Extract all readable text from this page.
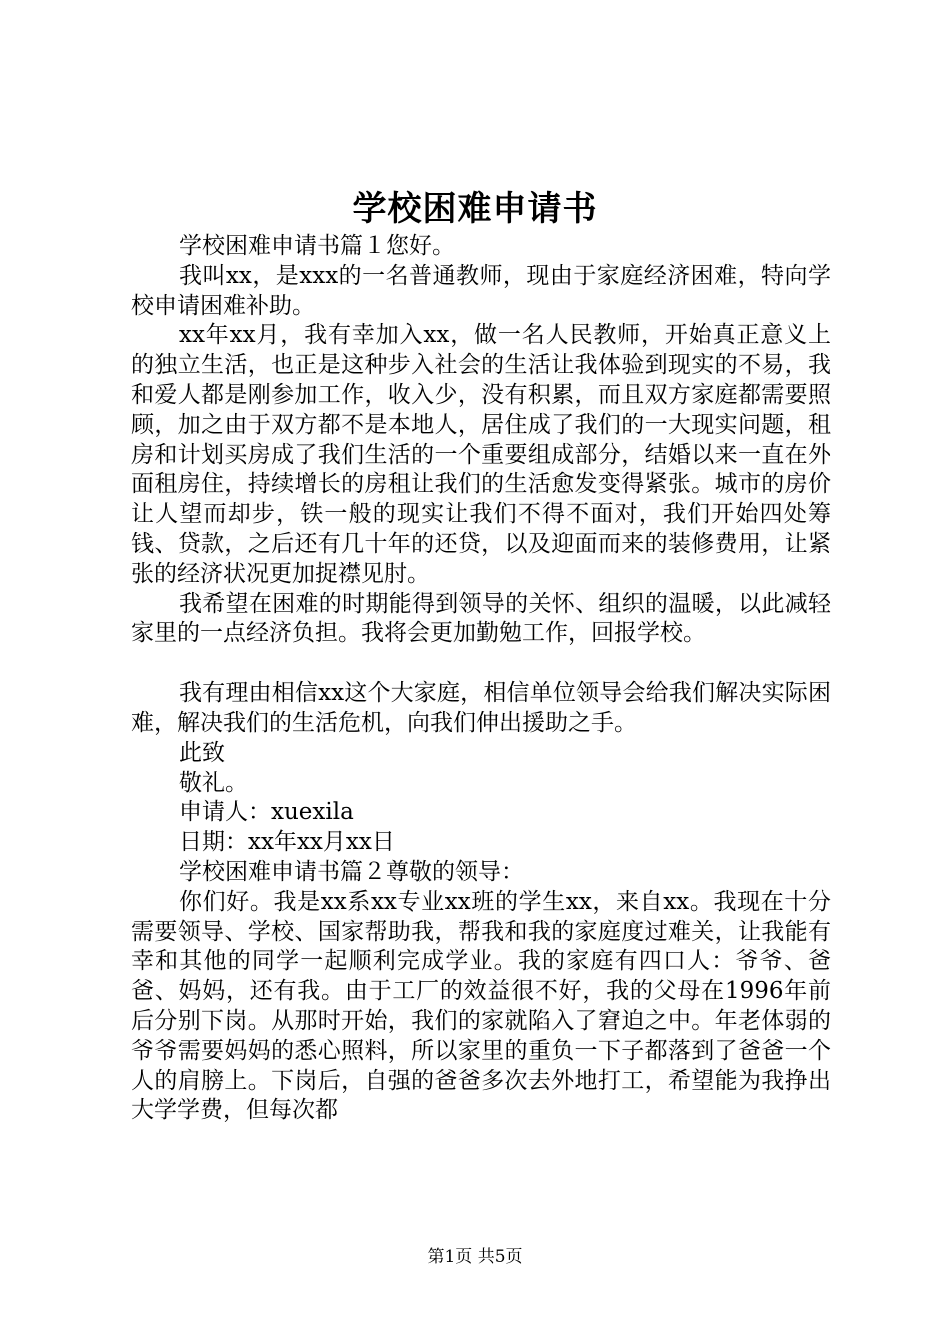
学校困难申请书

学校困难申请书篇１您好。

我叫xx，是xxx的一名普通教师，现由于家庭经济困难，特向学校申请困难补助。

xx年xx月，我有幸加入xx，做一名人民教师，开始真正意义上的独立生活，也正是这种步入社会的生活让我体验到现实的不易，我和爱人都是刚参加工作，收入少，没有积累，而且双方家庭都需要照顾，加之由于双方都不是本地人，居住成了我们的一大现实问题，租房和计划买房成了我们生活的一个重要组成部分，结婚以来一直在外面租房住，持续增长的房租让我们的生活愈发变得紧张。城市的房价让人望而却步，铁一般的现实让我们不得不面对，我们开始四处筹钱、贷款，之后还有几十年的还贷，以及迎面而来的装修费用，让紧张的经济状况更加捉襟见肘。

我希望在困难的时期能得到领导的关怀、组织的温暖，以此减轻家里的一点经济负担。我将会更加勤勉工作，回报学校。

我有理由相信xx这个大家庭，相信单位领导会给我们解决实际困难，解决我们的生活危机，向我们伸出援助之手。

此致

敬礼。

申请人：xuexila

日期：xx年xx月xx日

学校困难申请书篇２尊敬的领导：

你们好。我是xx系xx专业xx班的学生xx，来自xx。我现在十分需要领导、学校、国家帮助我，帮我和我的家庭度过难关，让我能有幸和其他的同学一起顺利完成学业。我的家庭有四口人：爷爷、爸爸、妈妈，还有我。由于工厂的效益很不好，我的父母在1996年前后分别下岗。从那时开始，我们的家就陷入了窘迫之中。年老体弱的爷爷需要妈妈的悉心照料，所以家里的重负一下子都落到了爸爸一个人的肩膀上。下岗后，自强的爸爸多次去外地打工，希望能为我挣出大学学费，但每次都

第1页 共5页
